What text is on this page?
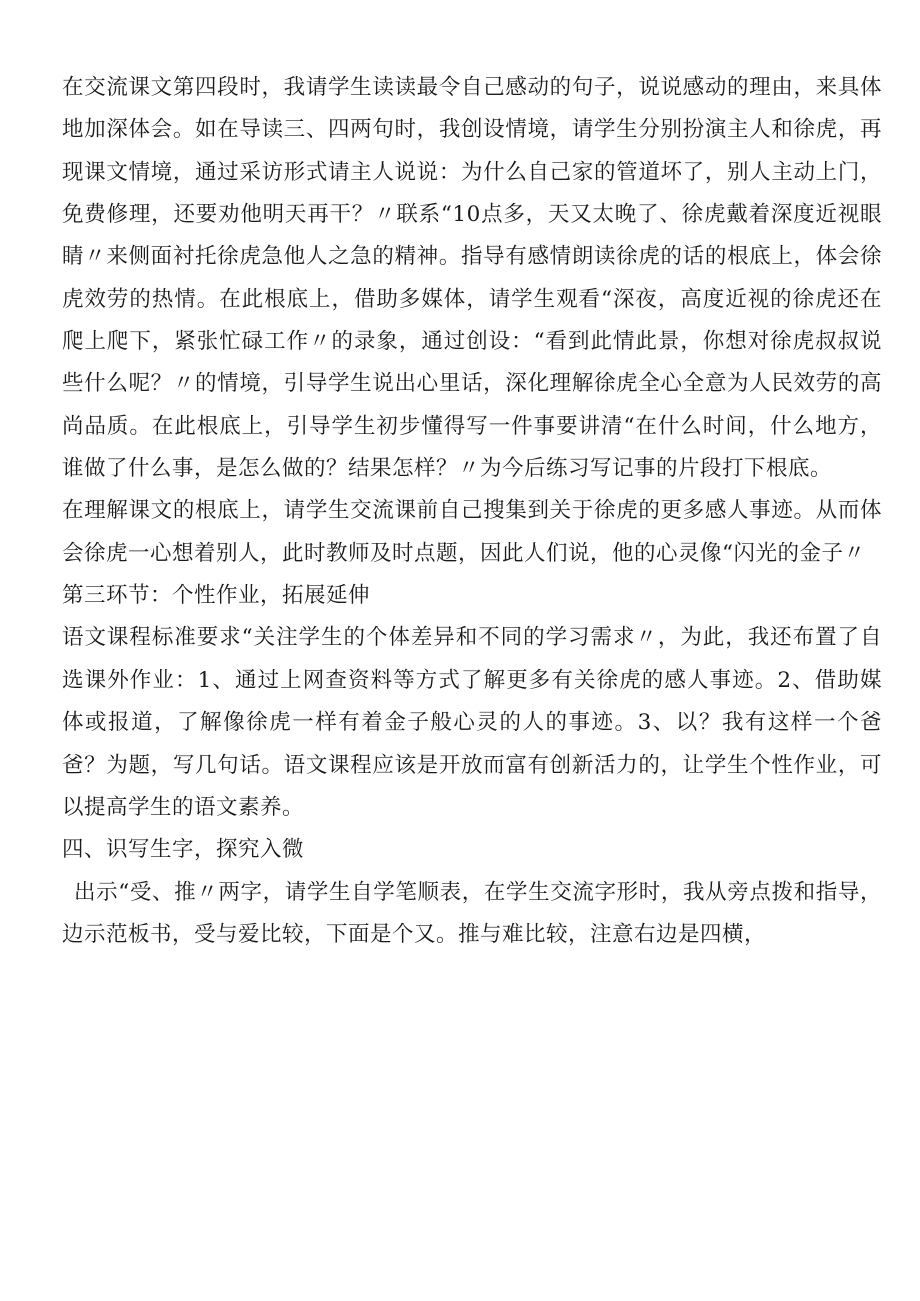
在交流课文第四段时，我请学生读读最令自己感动的句子，说说感动的理由，来具体地加深体会。如在导读三、四两句时，我创设情境，请学生分别扮演主人和徐虎，再现课文情境，通过采访形式请主人说说：为什么自己家的管道坏了，别人主动上门，免费修理，还要劝他明天再干？〃联系“10点多，天又太晚了、徐虎戴着深度近视眼睛〃来侧面衬托徐虎急他人之急的精神。指导有感情朗读徐虎的话的根底上，体会徐虎效劳的热情。在此根底上，借助多媒体，请学生观看“深夜，高度近视的徐虎还在爬上爬下，紧张忙碌工作〃的录象，通过创设：“看到此情此景，你想对徐虎叔叔说些什么呢？〃的情境，引导学生说出心里话，深化理解徐虎全心全意为人民效劳的高尚品质。在此根底上，引导学生初步懂得写一件事要讲清“在什么时间，什么地方，谁做了什么事，是怎么做的？结果怎样？〃为今后练习写记事的片段打下根底。

在理解课文的根底上，请学生交流课前自己搜集到关于徐虎的更多感人事迹。从而体会徐虎一心想着别人，此时教师及时点题，因此人们说，他的心灵像“闪光的金子〃

第三环节：个性作业，拓展延伸

语文课程标准要求“关注学生的个体差异和不同的学习需求〃，为此，我还布置了自选课外作业：1、通过上网查资料等方式了解更多有关徐虎的感人事迹。2、借助媒体或报道，了解像徐虎一样有着金子般心灵的人的事迹。3、以？我有这样一个爸爸？为题，写几句话。语文课程应该是开放而富有创新活力的，让学生个性作业，可以提高学生的语文素养。

四、识写生字，探究入微

出示“受、推〃两字，请学生自学笔顺表，在学生交流字形时，我从旁点拨和指导，边示范板书，受与爱比较，下面是个又。推与难比较，注意右边是四横，
